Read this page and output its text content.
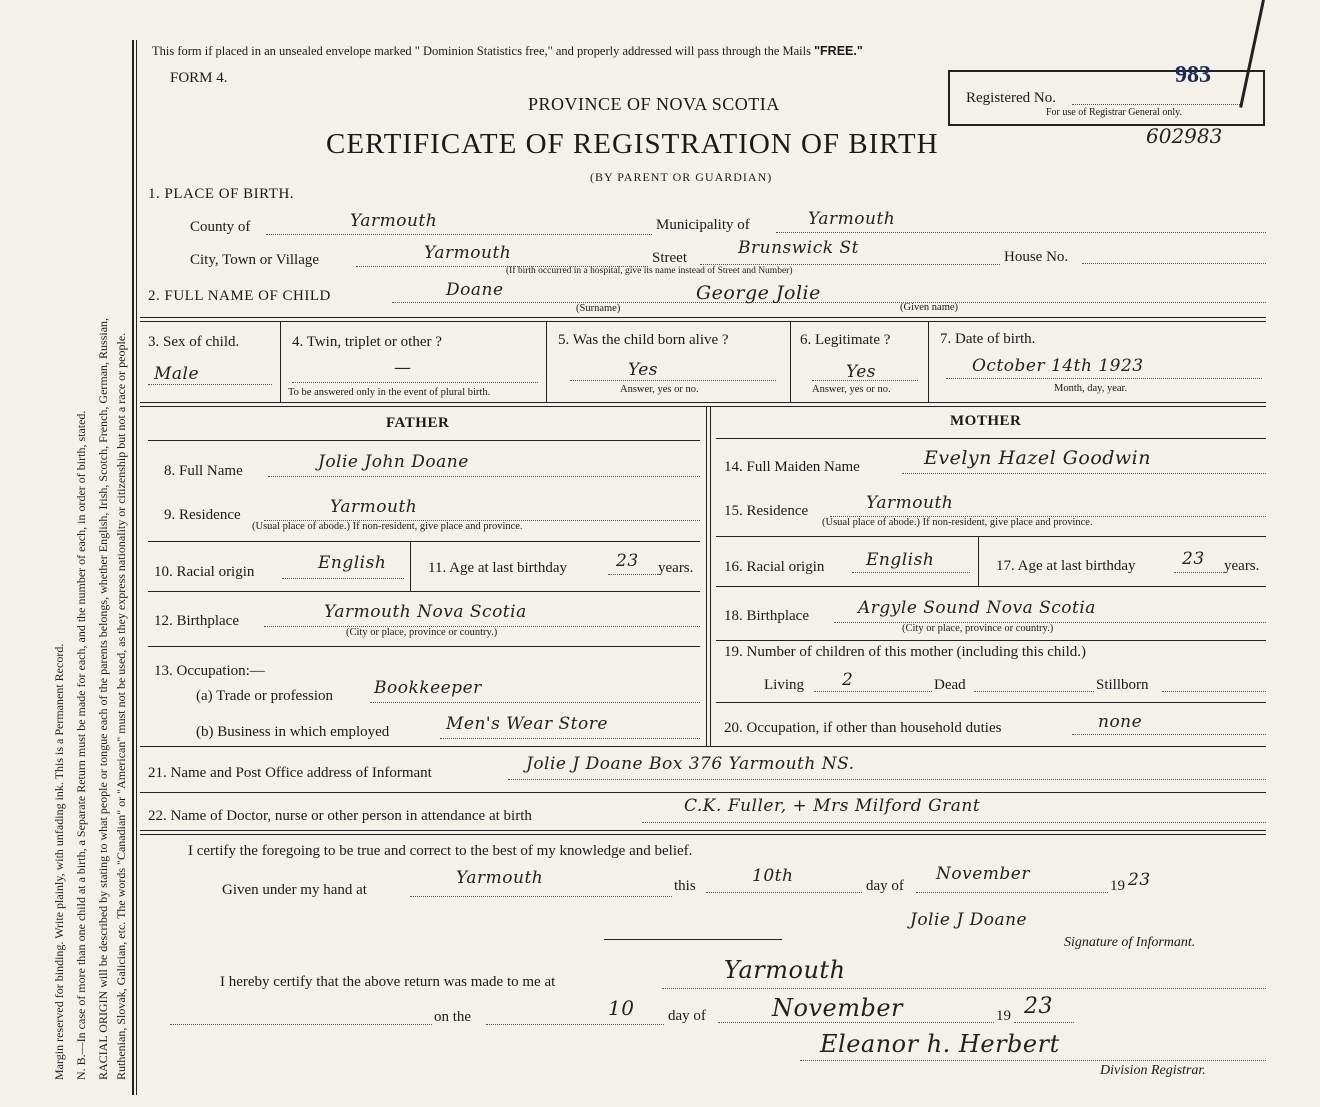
Margin reserved for binding. Write plainly, with unfading ink. This is a Permanent Record. N. B.—In case of more than one child at a birth, a Separate Return must be made for each, and the number of each, in order of birth, stated. RACIAL ORIGIN will be described by stating to what people or tongue each of the parents belongs, whether English, Irish, Scotch, French, German, Russian, Ruthenian, Slovak, Galician, etc. The words "Canadian" or "American" must not be used, as they express nationality or citizenship but not a race or people.
This form if placed in an unsealed envelope marked " Dominion Statistics free," and properly addressed will pass through the Mails "FREE."
FORM 4.
PROVINCE OF NOVA SCOTIA
CERTIFICATE OF REGISTRATION OF BIRTH
(BY PARENT OR GUARDIAN)
Registered No.
983
For use of Registrar General only.
602983
1. PLACE OF BIRTH.
County of	Yarmouth	Municipality of	Yarmouth
City, Town or Village	Yarmouth	Street	Brunswick St	House No.
(If birth occurred in a hospital, give its name instead of Street and Number)
2. FULL NAME OF CHILD	Doane	George Jolie
(Surname)	(Given name)
3. Sex of child.
Male
4. Twin, triplet or other ?
—
To be answered only in the event of plural birth.
5. Was the child born alive ?
Yes
Answer, yes or no.
6. Legitimate ?
Yes
Answer, yes or no.
7. Date of birth.
October 14th 1923
Month, day, year.
FATHER
8. Full Name	Jolie John Doane
9. Residence	Yarmouth
(Usual place of abode.) If non-resident, give place and province.
10. Racial origin	English	11. Age at last birthday	23 years.
12. Birthplace	Yarmouth Nova Scotia
(City or place, province or country.)
13. Occupation:—
(a) Trade or profession Bookkeeper
(b) Business in which employed	Men's Wear Store
MOTHER
14. Full Maiden Name	Evelyn Hazel Goodwin
15. Residence	Yarmouth
(Usual place of abode.) If non-resident, give place and province.
16. Racial origin English	17. Age at last birthday	23 years.
18. Birthplace	Argyle Sound Nova Scotia
(City or place, province or country.)
19. Number of children of this mother (including this child.)
Living 2	Dead	Stillborn
20. Occupation, if other than household duties	none
21. Name and Post Office address of Informant	Jolie J Doane Box 376 Yarmouth NS.
22. Name of Doctor, nurse or other person in attendance at birth	C.K. Fuller, + Mrs Milford Grant
I certify the foregoing to be true and correct to the best of my knowledge and belief.
Given under my hand at
Yarmouth	this	10th	day of
November
19 23
Jolie J Doane
Signature of Informant.
I hereby certify that the above return was made to me at	Yarmouth
on the	10 day of	November	19 23
Eleanor h. Herbert
Division Registrar.
